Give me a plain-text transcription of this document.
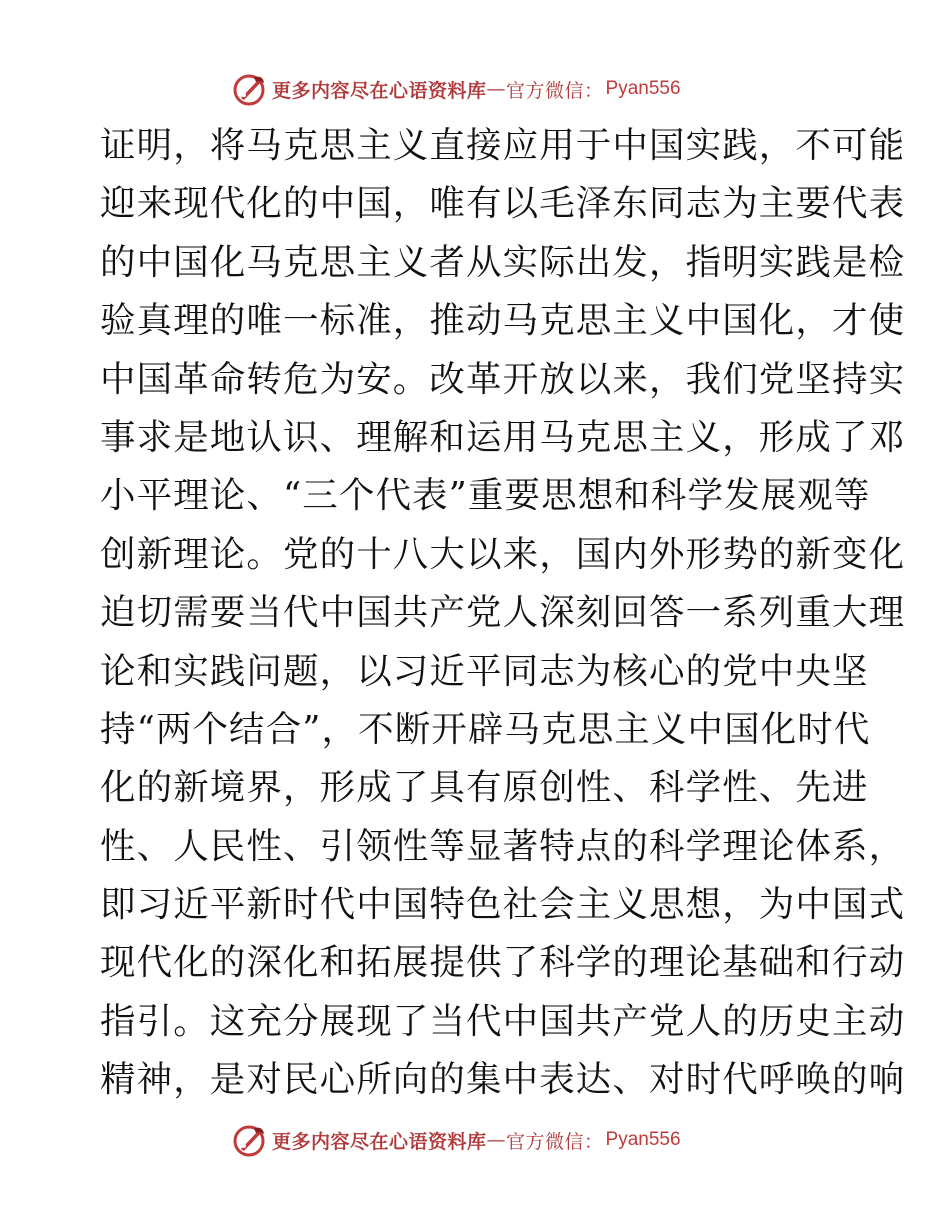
更多内容尽在心语资料库 — 官方微信： Pyan556
证明，将马克思主义直接应用于中国实践，不可能
迎来现代化的中国，唯有以毛泽东同志为主要代表
的中国化马克思主义者从实际出发，指明实践是检
验真理的唯一标准，推动马克思主义中国化，才使
中国革命转危为安。改革开放以来，我们党坚持实
事求是地认识、理解和运用马克思主义，形成了邓
小平理论、“三个代表”重要思想和科学发展观等
创新理论。党的十八大以来，国内外形势的新变化
迫切需要当代中国共产党人深刻回答一系列重大理
论和实践问题，以习近平同志为核心的党中央坚
持“两个结合”，不断开辟马克思主义中国化时代
化的新境界，形成了具有原创性、科学性、先进
性、人民性、引领性等显著特点的科学理论体系，
即习近平新时代中国特色社会主义思想，为中国式
现代化的深化和拓展提供了科学的理论基础和行动
指引。这充分展现了当代中国共产党人的历史主动
精神，是对民心所向的集中表达、对时代呼唤的响
更多内容尽在心语资料库 — 官方微信： Pyan556
